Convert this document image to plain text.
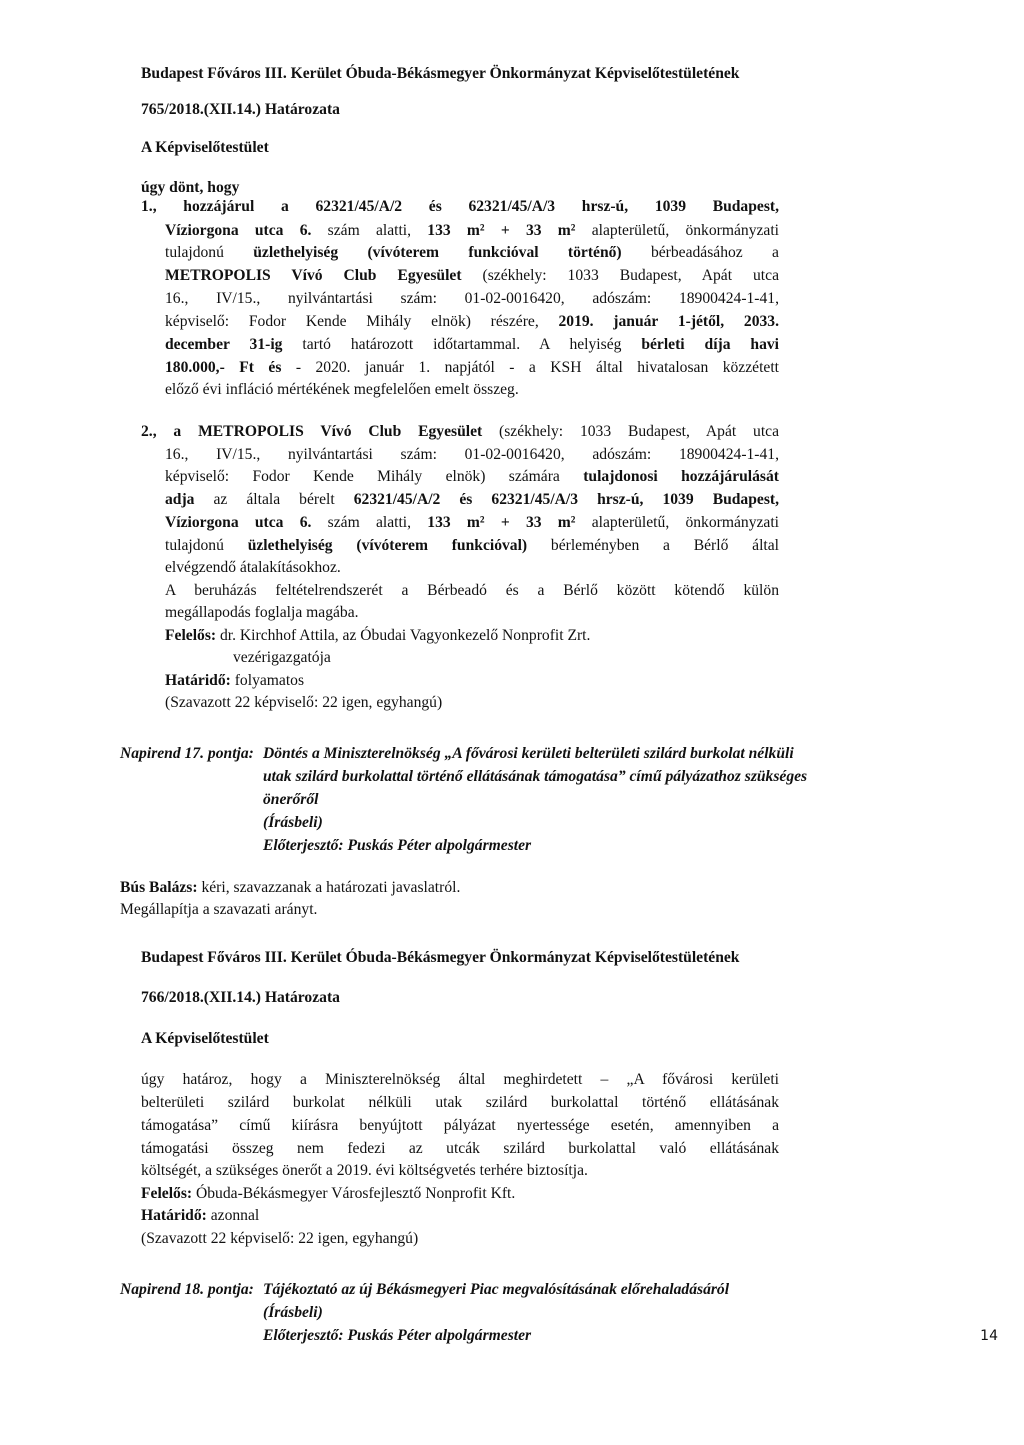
Budapest Főváros III. Kerület Óbuda-Békásmegyer Önkormányzat Képviselőtestületének
765/2018.(XII.14.) Határozata
A Képviselőtestület
úgy dönt, hogy
1., hozzájárul a 62321/45/A/2 és 62321/45/A/3 hrsz-ú, 1039 Budapest,
Víziorgona utca 6. szám alatti, 133 m² + 33 m² alapterületű, önkormányzati
tulajdonú üzlethelyiség (vívóterem funkcióval történő) bérbeadásához a
METROPOLIS Vívó Club Egyesület (székhely: 1033 Budapest, Apát utca
16., IV/15., nyilvántartási szám: 01-02-0016420, adószám: 18900424-1-41,
képviselő: Fodor Kende Mihály elnök) részére, 2019. január 1-jétől, 2033.
december 31-ig tartó határozott időtartammal. A helyiség bérleti díja havi
180.000,- Ft és - 2020. január 1. napjától - a KSH által hivatalosan közzétett
előző évi infláció mértékének megfelelően emelt összeg.
2., a METROPOLIS Vívó Club Egyesület (székhely: 1033 Budapest, Apát utca
16., IV/15., nyilvántartási szám: 01-02-0016420, adószám: 18900424-1-41,
képviselő: Fodor Kende Mihály elnök) számára tulajdonosi hozzájárulását
adja az általa bérelt 62321/45/A/2 és 62321/45/A/3 hrsz-ú, 1039 Budapest,
Víziorgona utca 6. szám alatti, 133 m² + 33 m² alapterületű, önkormányzati
tulajdonú üzlethelyiség (vívóterem funkcióval) bérleményben a Bérlő által
elvégzendő átalakításokhoz.
A beruházás feltételrendszerét a Bérbeadó és a Bérlő között kötendő külön
megállapodás foglalja magába.
Felelős: dr. Kirchhof Attila, az Óbudai Vagyonkezelő Nonprofit Zrt.
vezérigazgatója
Határidő: folyamatos
(Szavazott 22 képviselő: 22 igen, egyhangú)
Napirend 17. pontja: Döntés a Miniszterelnökség „A fővárosi kerületi belterületi szilárd burkolat nélküli
utak szilárd burkolattal történő ellátásának támogatása” című pályázathoz szükséges
önerőről
(Írásbeli)
Előterjesztő: Puskás Péter alpolgármester
Bús Balázs: kéri, szavazzanak a határozati javaslatról.
Megállapítja a szavazati arányt.
Budapest Főváros III. Kerület Óbuda-Békásmegyer Önkormányzat Képviselőtestületének
766/2018.(XII.14.) Határozata
A Képviselőtestület
úgy határoz, hogy a Miniszterelnökség által meghirdetett – „A fővárosi kerületi
belterületi szilárd burkolat nélküli utak szilárd burkolattal történő ellátásának
támogatása” című kiírásra benyújtott pályázat nyertessége esetén, amennyiben a
támogatási összeg nem fedezi az utcák szilárd burkolattal való ellátásának
költségét, a szükséges önerőt a 2019. évi költségvetés terhére biztosítja.
Felelős: Óbuda-Békásmegyer Városfejlesztő Nonprofit Kft.
Határidő: azonnal
(Szavazott 22 képviselő: 22 igen, egyhangú)
Napirend 18. pontja: Tájékoztató az új Békásmegyeri Piac megvalósításának előrehaladásáról
(Írásbeli)
Előterjesztő: Puskás Péter alpolgármester	14
